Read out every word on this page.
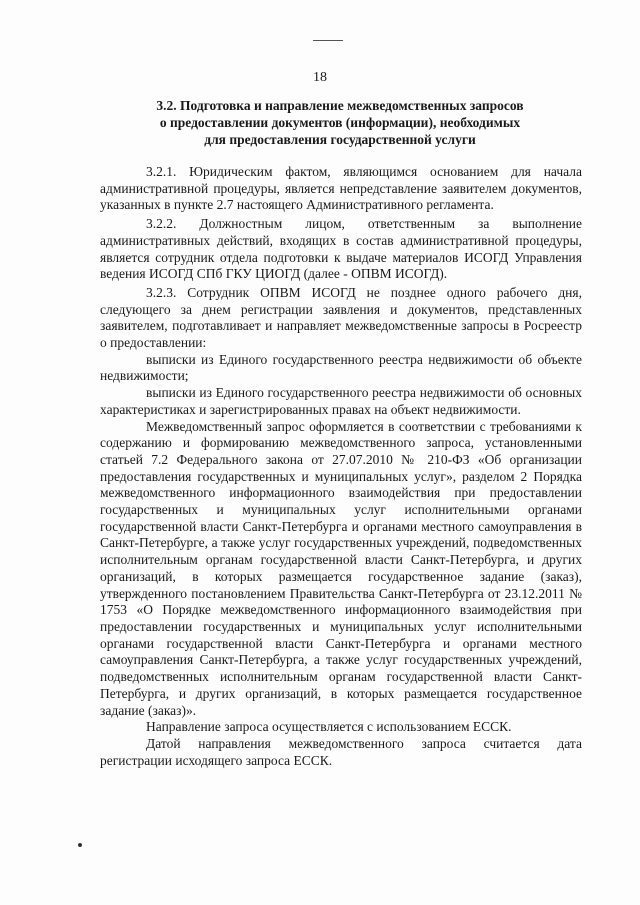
18
3.2. Подготовка и направление межведомственных запросов
о предоставлении документов (информации), необходимых
для предоставления государственной услуги

3.2.1. Юридическим фактом, являющимся основанием для начала административной процедуры, является непредставление заявителем документов, указанных в пункте 2.7 настоящего Административного регламента.

3.2.2. Должностным лицом, ответственным за выполнение административных действий, входящих в состав административной процедуры, является сотрудник отдела подготовки к выдаче материалов ИСОГД Управления ведения ИСОГД СПб ГКУ ЦИОГД (далее - ОПВМ ИСОГД).

3.2.3. Сотрудник ОПВМ ИСОГД не позднее одного рабочего дня, следующего за днем регистрации заявления и документов, представленных заявителем, подготавливает и направляет межведомственные запросы в Росреестр о предоставлении:

выписки из Единого государственного реестра недвижимости об объекте недвижимости;

выписки из Единого государственного реестра недвижимости об основных характеристиках и зарегистрированных правах на объект недвижимости.

Межведомственный запрос оформляется в соответствии с требованиями к содержанию и формированию межведомственного запроса, установленными статьей 7.2 Федерального закона от 27.07.2010 № 210-ФЗ «Об организации предоставления государственных и муниципальных услуг», разделом 2 Порядка межведомственного информационного взаимодействия при предоставлении государственных и муниципальных услуг исполнительными органами государственной власти Санкт-Петербурга и органами местного самоуправления в Санкт-Петербурге, а также услуг государственных учреждений, подведомственных исполнительным органам государственной власти Санкт-Петербурга, и других организаций, в которых размещается государственное задание (заказ), утвержденного постановлением Правительства Санкт-Петербурга от 23.12.2011 № 1753 «О Порядке межведомственного информационного взаимодействия при предоставлении государственных и муниципальных услуг исполнительными органами государственной власти Санкт-Петербурга и органами местного самоуправления Санкт-Петербурга, а также услуг государственных учреждений, подведомственных исполнительным органам государственной власти Санкт-Петербурга, и других организаций, в которых размещается государственное задание (заказ)».

Направление запроса осуществляется с использованием ЕССК.

Датой направления межведомственного запроса считается дата регистрации исходящего запроса ЕССК.
